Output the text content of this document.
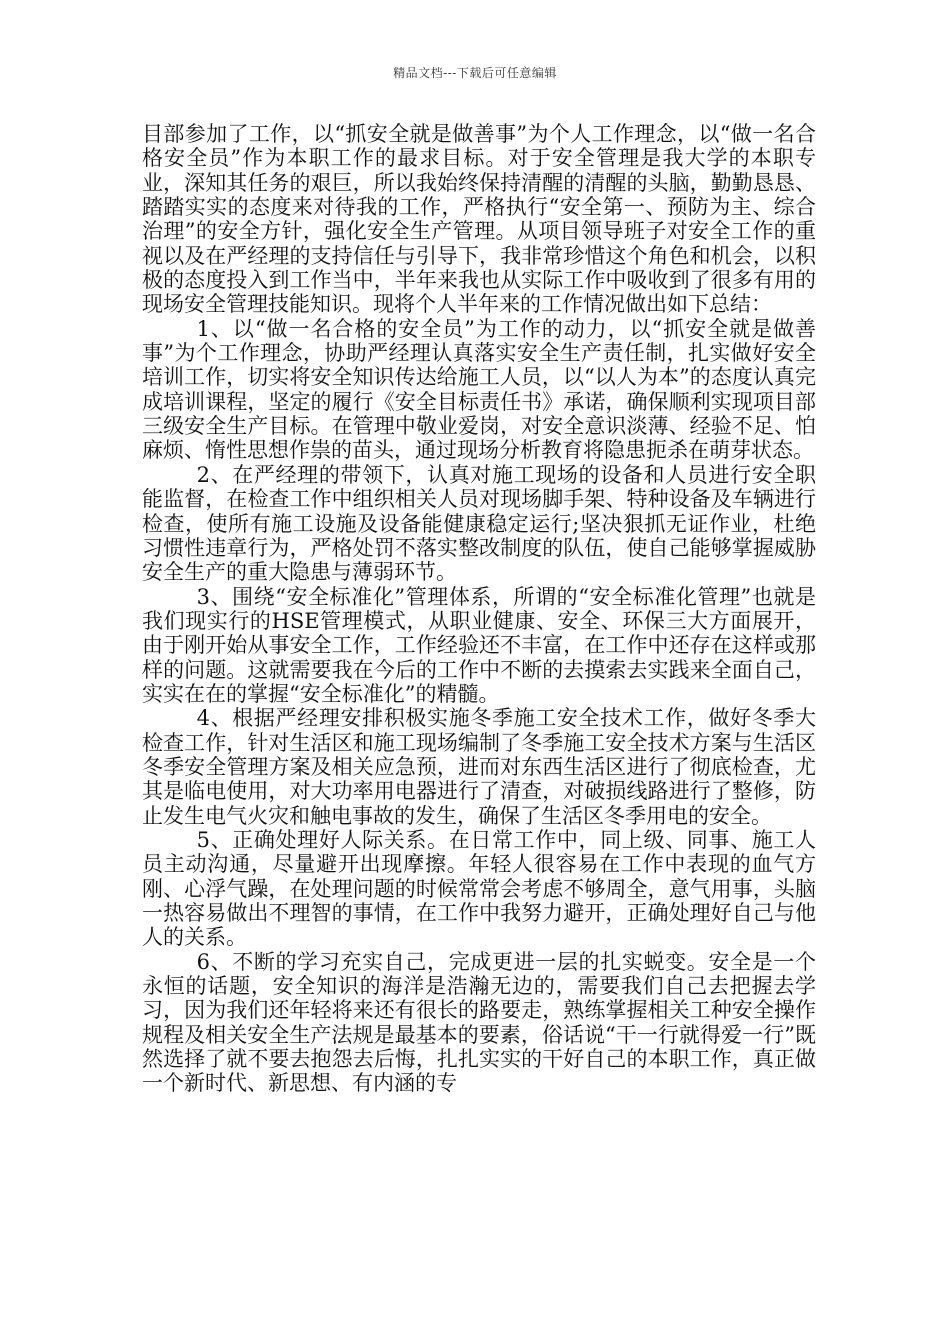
精品文档---下载后可任意编辑

目部参加了工作，以“抓安全就是做善事”为个人工作理念，以“做一名合格安全员”作为本职工作的最求目标。对于安全管理是我大学的本职专业，深知其任务的艰巨，所以我始终保持清醒的清醒的头脑，勤勤恳恳、踏踏实实的态度来对待我的工作，严格执行“安全第一、预防为主、综合治理”的安全方针，强化安全生产管理。从项目领导班子对安全工作的重视以及在严经理的支持信任与引导下，我非常珍惜这个角色和机会，以积极的态度投入到工作当中，半年来我也从实际工作中吸收到了很多有用的现场安全管理技能知识。现将个人半年来的工作情况做出如下总结：

1、以“做一名合格的安全员”为工作的动力，以“抓安全就是做善事”为个工作理念，协助严经理认真落实安全生产责任制，扎实做好安全培训工作，切实将安全知识传达给施工人员，以“以人为本”的态度认真完成培训课程，坚定的履行《安全目标责任书》承诺，确保顺利实现项目部三级安全生产目标。在管理中敬业爱岗，对安全意识淡薄、经验不足、怕麻烦、惰性思想作祟的苗头，通过现场分析教育将隐患扼杀在萌芽状态。

2、在严经理的带领下，认真对施工现场的设备和人员进行安全职能监督，在检查工作中组织相关人员对现场脚手架、特种设备及车辆进行检查，使所有施工设施及设备能健康稳定运行;坚决狠抓无证作业，杜绝习惯性违章行为，严格处罚不落实整改制度的队伍，使自己能够掌握威胁安全生产的重大隐患与薄弱环节。

3、围绕“安全标准化”管理体系，所谓的“安全标准化管理”也就是我们现实行的HSE管理模式，从职业健康、安全、环保三大方面展开，由于刚开始从事安全工作，工作经验还不丰富，在工作中还存在这样或那样的问题。这就需要我在今后的工作中不断的去摸索去实践来全面自己，实实在在的掌握“安全标准化”的精髓。

4、根据严经理安排积极实施冬季施工安全技术工作，做好冬季大检查工作，针对生活区和施工现场编制了冬季施工安全技术方案与生活区冬季安全管理方案及相关应急预，进而对东西生活区进行了彻底检查，尤其是临电使用，对大功率用电器进行了清查，对破损线路进行了整修，防止发生电气火灾和触电事故的发生，确保了生活区冬季用电的安全。

5、正确处理好人际关系。在日常工作中，同上级、同事、施工人员主动沟通，尽量避开出现摩擦。年轻人很容易在工作中表现的血气方刚、心浮气躁，在处理问题的时候常常会考虑不够周全，意气用事，头脑一热容易做出不理智的事情，在工作中我努力避开，正确处理好自己与他人的关系。

6、不断的学习充实自己，完成更进一层的扎实蜕变。安全是一个永恒的话题，安全知识的海洋是浩瀚无边的，需要我们自己去把握去学习，因为我们还年轻将来还有很长的路要走，熟练掌握相关工种安全操作规程及相关安全生产法规是最基本的要素，俗话说“干一行就得爱一行”既然选择了就不要去抱怨去后悔，扎扎实实的干好自己的本职工作，真正做一个新时代、新思想、有内涵的专
